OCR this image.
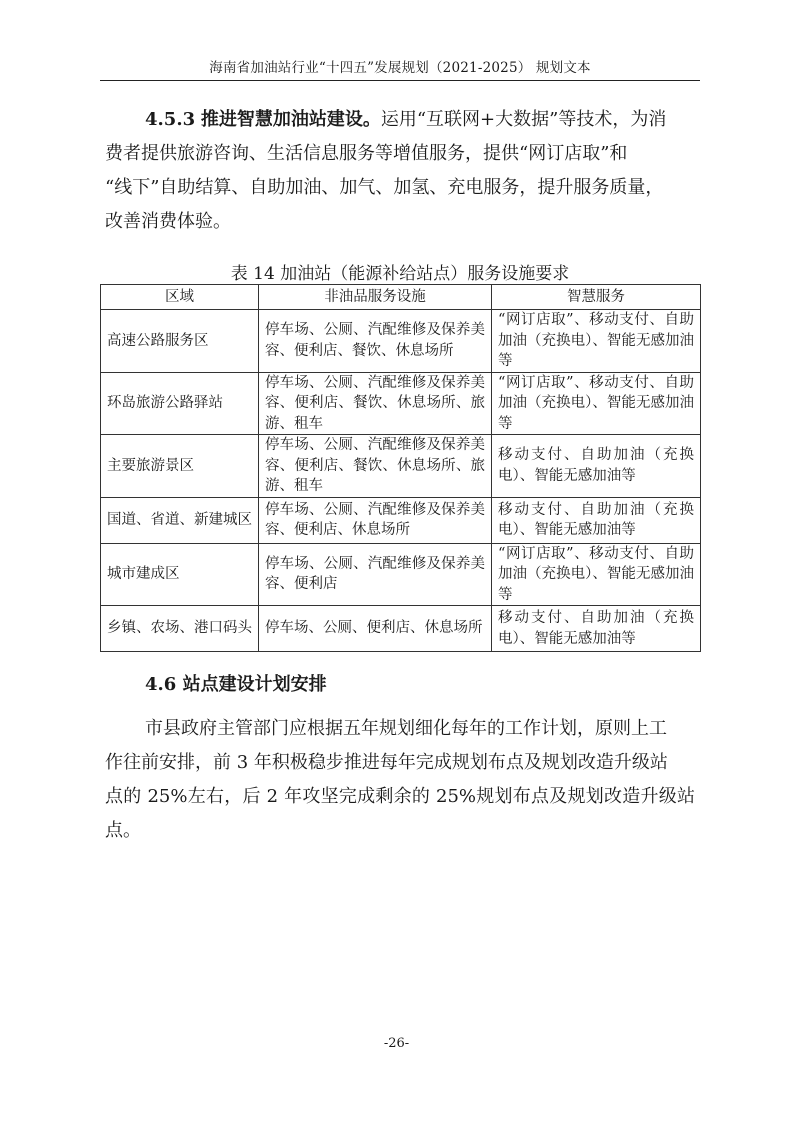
海南省加油站行业“十四五”发展规划（2021-2025） 规划文本

4.5.3 推进智慧加油站建设。运用“互联网+大数据”等技术，为消
费者提供旅游咨询、生活信息服务等增值服务，提供“网订店取”和
“线下”自助结算、自助加油、加气、加氢、充电服务，提升服务质量，
改善消费体验。

表 14 加油站（能源补给站点）服务设施要求
区域	非油品服务设施	智慧服务
高速公路服务区	停车场、公厕、汽配维修及保养美容、便利店、餐饮、休息场所	“网订店取”、移动支付、自助加油（充换电）、智能无感加油等
环岛旅游公路驿站	停车场、公厕、汽配维修及保养美容、便利店、餐饮、休息场所、旅游、租车	“网订店取”、移动支付、自助加油（充换电）、智能无感加油等
主要旅游景区	停车场、公厕、汽配维修及保养美容、便利店、餐饮、休息场所、旅游、租车	移动支付、自助加油（充换电）、智能无感加油等
国道、省道、新建城区	停车场、公厕、汽配维修及保养美容、便利店、休息场所	移动支付、自助加油（充换电）、智能无感加油等
城市建成区	停车场、公厕、汽配维修及保养美容、便利店	“网订店取”、移动支付、自助加油（充换电）、智能无感加油等
乡镇、农场、港口码头	停车场、公厕、便利店、休息场所	移动支付、自助加油（充换电）、智能无感加油等
4.6 站点建设计划安排

市县政府主管部门应根据五年规划细化每年的工作计划，原则上工
作往前安排，前 3 年积极稳步推进每年完成规划布点及规划改造升级站
点的 25%左右，后 2 年攻坚完成剩余的 25%规划布点及规划改造升级站点。

-26-
